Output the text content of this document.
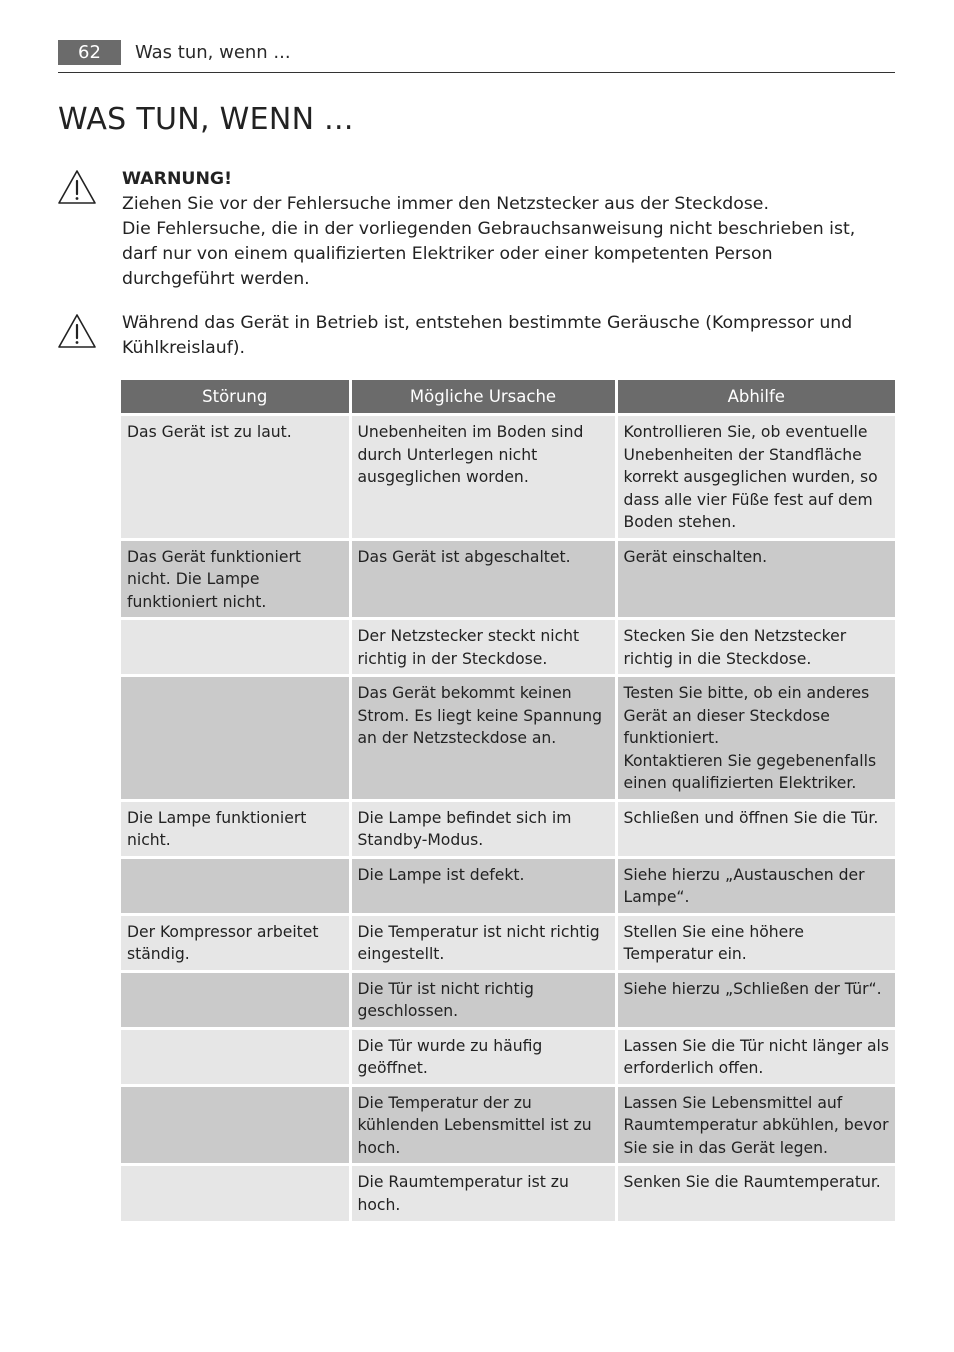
62	Was tun, wenn ...
WAS TUN, WENN ...
WARNUNG!
Ziehen Sie vor der Fehlersuche immer den Netzstecker aus der Steckdose.
Die Fehlersuche, die in der vorliegenden Gebrauchsanweisung nicht beschrieben ist, darf nur von einem qualifizierten Elektriker oder einer kompetenten Person durchgeführt werden.
Während das Gerät in Betrieb ist, entstehen bestimmte Geräusche (Kompressor und Kühlkreislauf).
Störung	Mögliche Ursache	Abhilfe
Das Gerät ist zu laut.	Unebenheiten im Boden sind durch Unterlegen nicht ausgeglichen worden.	Kontrollieren Sie, ob eventuelle Unebenheiten der Standfläche korrekt ausgeglichen wurden, so dass alle vier Füße fest auf dem Boden stehen.
Das Gerät funktioniert nicht. Die Lampe funktioniert nicht.	Das Gerät ist abgeschaltet.	Gerät einschalten.
	Der Netzstecker steckt nicht richtig in der Steckdose.	Stecken Sie den Netzstecker richtig in die Steckdose.
	Das Gerät bekommt keinen Strom. Es liegt keine Spannung an der Netzsteckdose an.	Testen Sie bitte, ob ein anderes Gerät an dieser Steckdose funktioniert.
Kontaktieren Sie gegebenenfalls einen qualifizierten Elektriker.
Die Lampe funktioniert nicht.	Die Lampe befindet sich im Standby-Modus.	Schließen und öffnen Sie die Tür.
	Die Lampe ist defekt.	Siehe hierzu „Austauschen der Lampe“.
Der Kompressor arbeitet ständig.	Die Temperatur ist nicht richtig eingestellt.	Stellen Sie eine höhere Temperatur ein.
	Die Tür ist nicht richtig geschlossen.	Siehe hierzu „Schließen der Tür“.
	Die Tür wurde zu häufig geöffnet.	Lassen Sie die Tür nicht länger als erforderlich offen.
	Die Temperatur der zu kühlenden Lebensmittel ist zu hoch.	Lassen Sie Lebensmittel auf Raumtemperatur abkühlen, bevor Sie sie in das Gerät legen.
	Die Raumtemperatur ist zu hoch.	Senken Sie die Raumtemperatur.
